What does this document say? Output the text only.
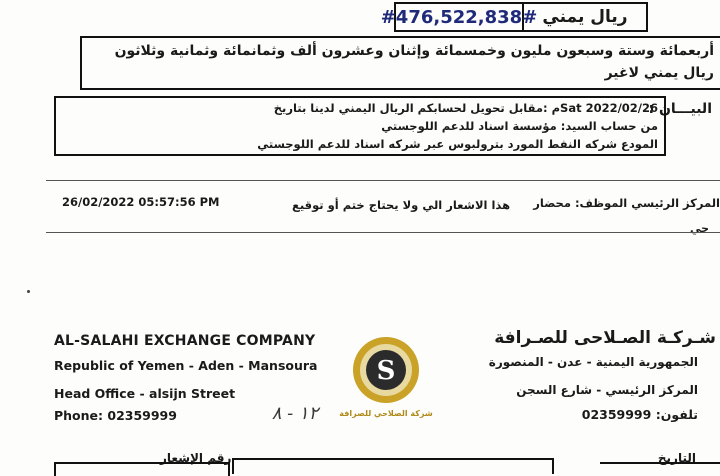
#476,522,838# ريال يمني
أربعمائة وستة وسبعون مليون وخمسمائة وإثنان وعشرون ألف وثمانمائة وثمانية وثلاثون ريال يمني لاغير
البيـــان :
Sat 2022/02/26م :مقابل تحويل لحسابكم الريال اليمني لدينا بتاريخ
من حساب السيد: مؤسسة اسناد للدعم اللوجستي
المودع شركه النفط المورد بترولبوس عبر شركه اسناد للدعم اللوجستي
26/02/2022 05:57:56 PM	هذا الاشعار الي ولا يحتاج ختم أو توقيع	المركز الرئيسي الموظف: محضار
حي
AL-SALAHI EXCHANGE COMPANY
Republic of Yemen - Aden - Mansoura
Head Office - alsijn Street
Phone: 02359999
شـركـة الصـلاحى للصـرافة
الجمهورية اليمنية - عدن - المنصورة
المركز الرئيسي - شارع السجن
تلفون: 02359999
S
شركة الصلاحي للصرافة
١٢ - ٨
رقم الإشعار	التاريخ
